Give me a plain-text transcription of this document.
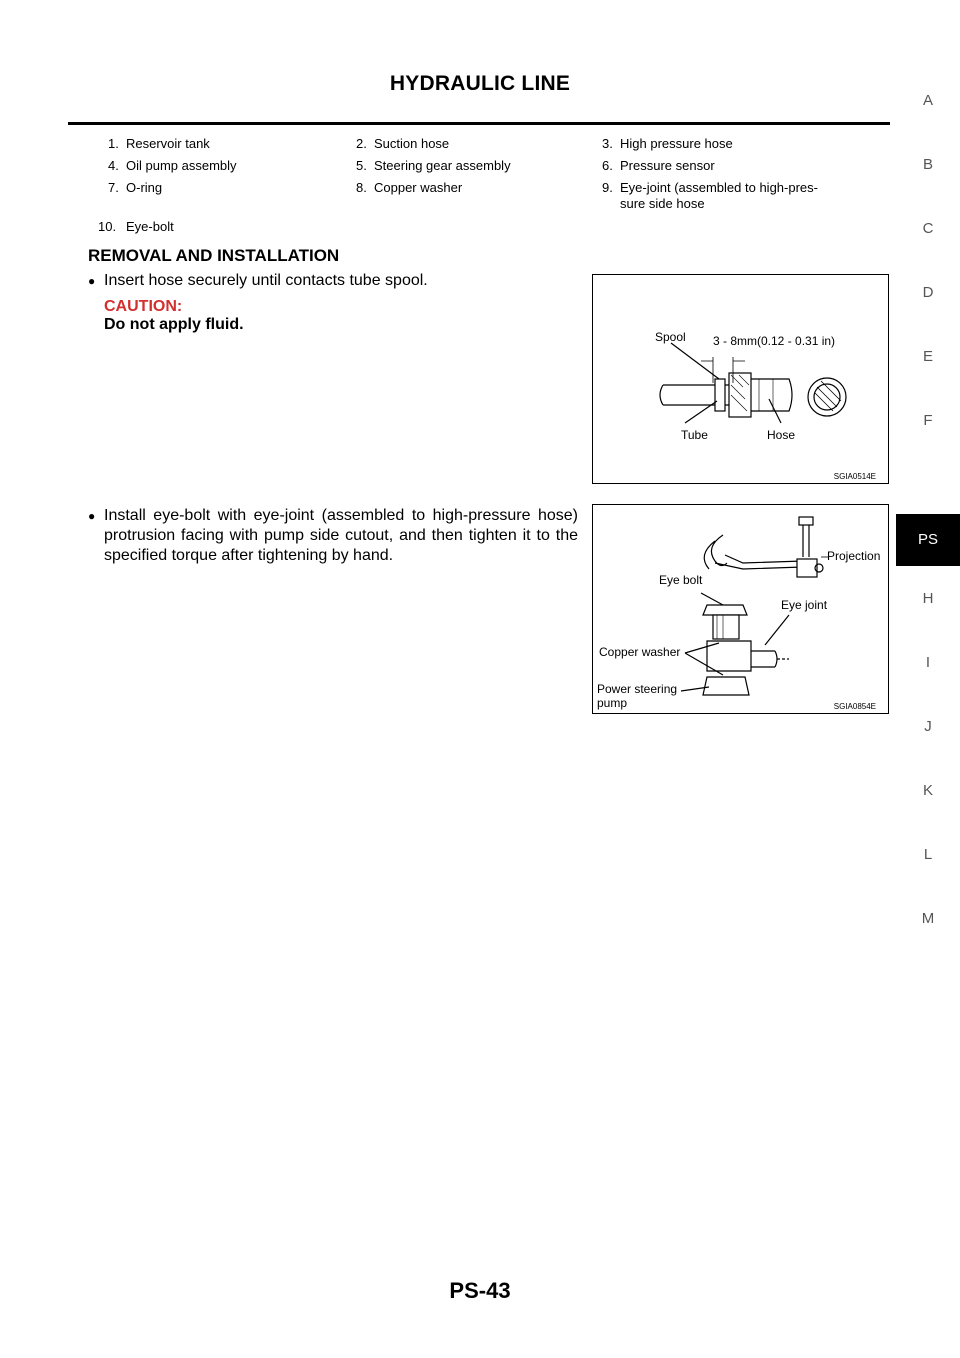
HYDRAULIC LINE
1. Reservoir tank	2. Suction hose	3. High pressure hose
4. Oil pump assembly	5. Steering gear assembly	6. Pressure sensor
7. O-ring	8. Copper washer	9. Eye-joint (assembled to high-pres-
sure side hose
10. Eye-bolt
REMOVAL AND INSTALLATION
● Insert hose securely until contacts tube spool.
CAUTION:
Do not apply fluid.
● Install eye-bolt with eye-joint (assembled to high-pressure hose) protrusion facing with pump side cutout, and then tighten it to the specified torque after tightening by hand.
Spool 3 - 8mm(0.12 - 0.31 in)
Tube	Hose
SGIA0514E
Projection
Eye bolt
Eye joint
Copper washer
Power steering
pump	SGIA0854E
A
B
C
D
E
F
PS
H
I
J
K
L
M
PS-43
